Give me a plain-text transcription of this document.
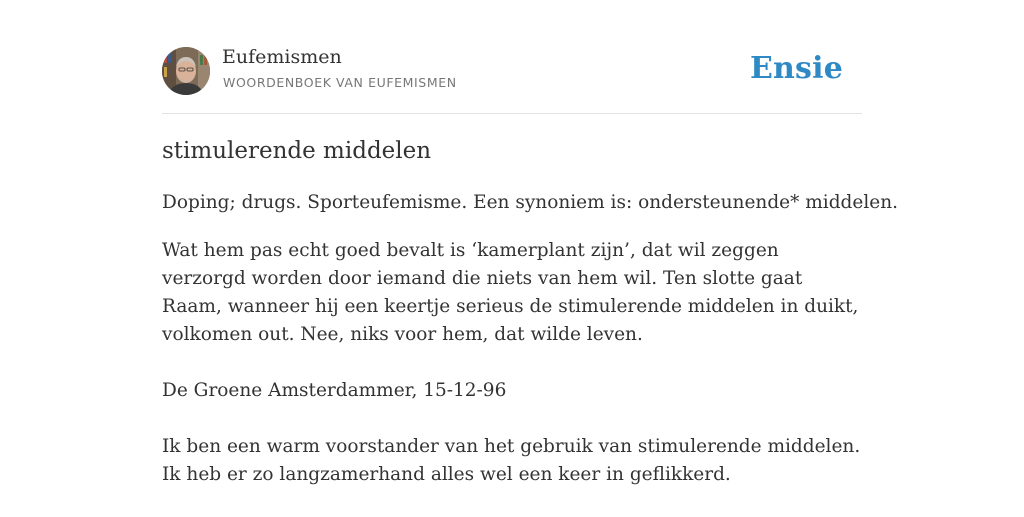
Eufemismen
WOORDENBOEK VAN EUFEMISMEN	Ensie
stimulerende middelen
Doping; drugs. Sporteufemisme. Een synoniem is: ondersteunende* middelen.

Wat hem pas echt goed bevalt is ‘kamerplant zijn’, dat wil zeggen verzorgd worden door iemand die niets van hem wil. Ten slotte gaat Raam, wanneer hij een keertje serieus de stimulerende middelen in duikt, volkomen out. Nee, niks voor hem, dat wilde leven.

De Groene Amsterdammer, 15-12-96

Ik ben een warm voorstander van het gebruik van stimulerende middelen. Ik heb er zo langzamerhand alles wel een keer in geflikkerd.
